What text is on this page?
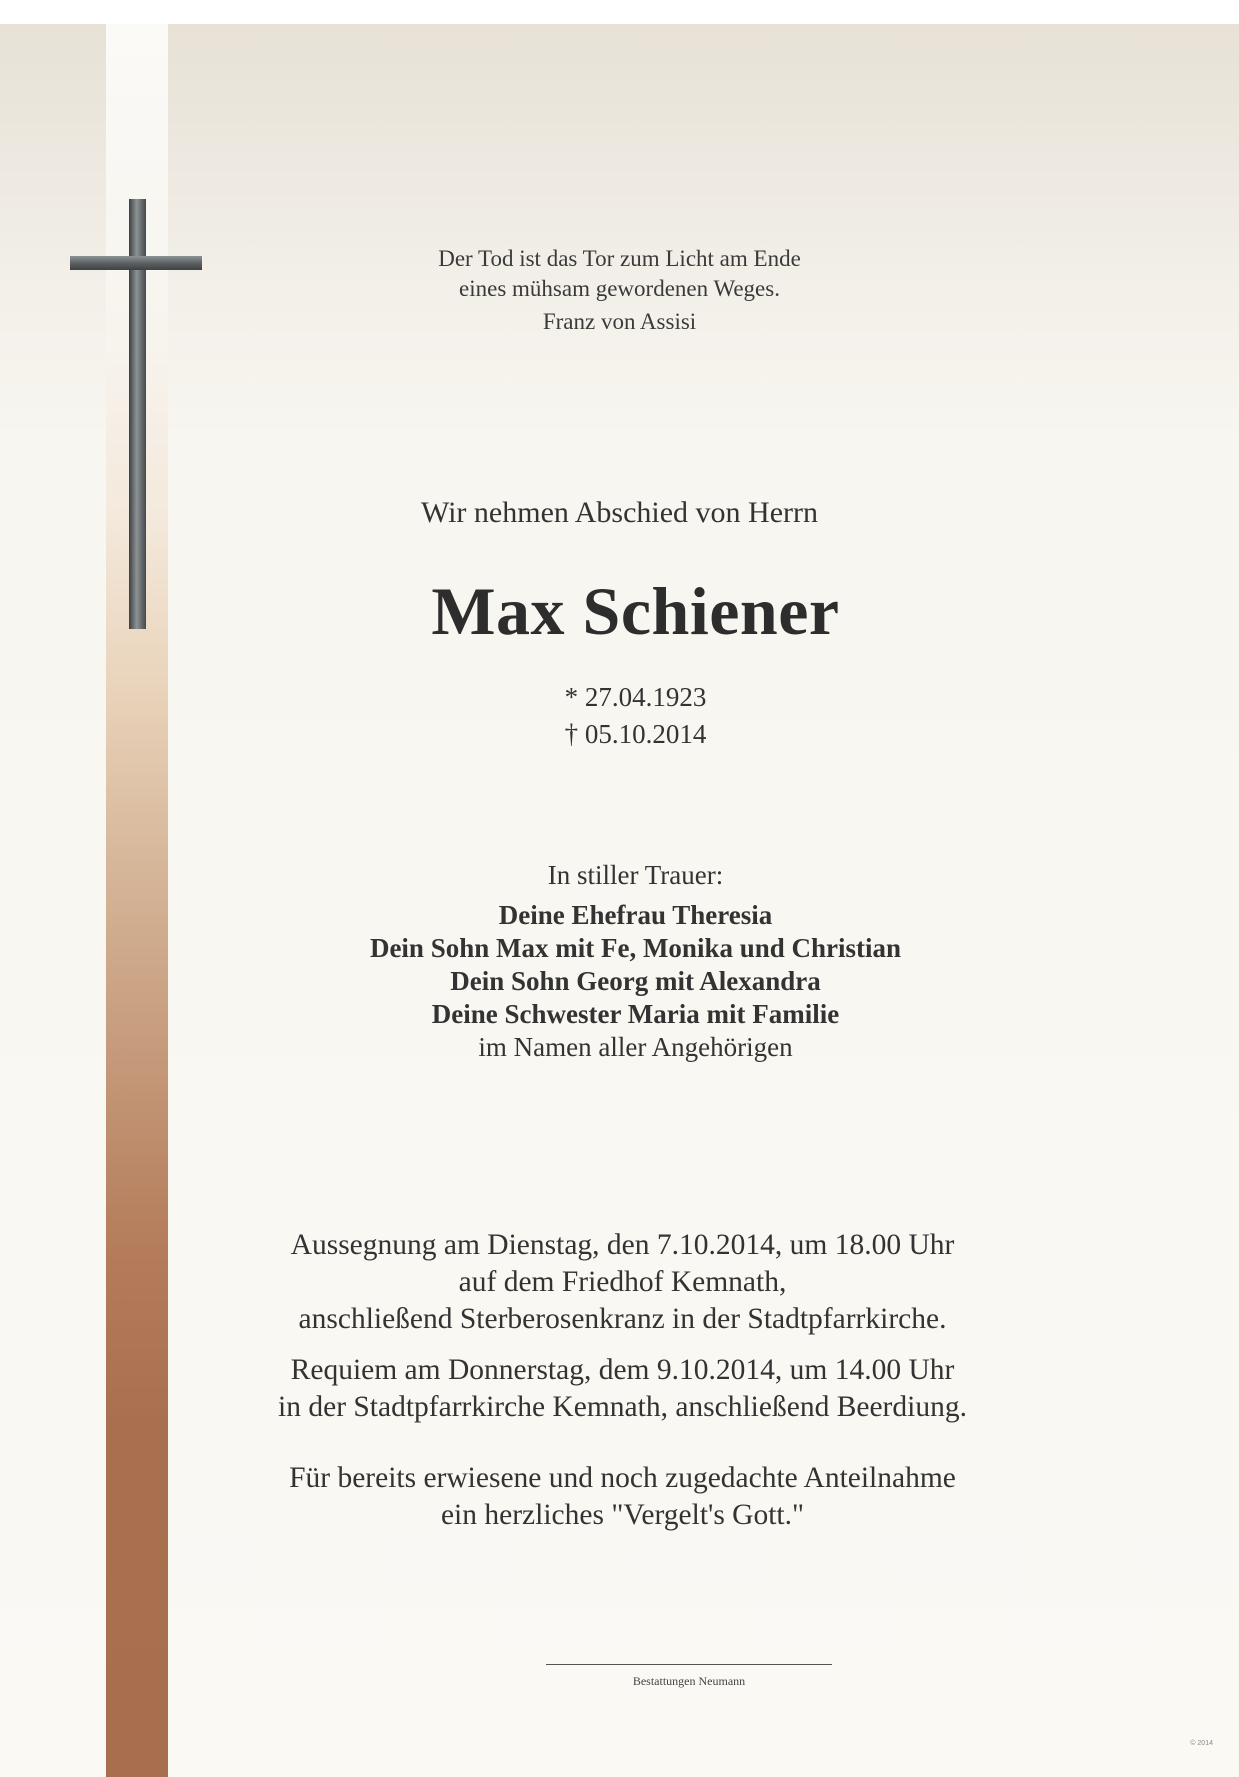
Der Tod ist das Tor zum Licht am Ende
eines mühsam gewordenen Weges.
Franz von Assisi
Wir nehmen Abschied von Herrn
Max Schiener
* 27.04.1923
† 05.10.2014
In stiller Trauer:
Deine Ehefrau Theresia
Dein Sohn Max mit Fe, Monika und Christian
Dein Sohn Georg mit Alexandra
Deine Schwester Maria mit Familie
im Namen aller Angehörigen
Aussegnung am Dienstag, den 7.10.2014, um 18.00 Uhr
auf dem Friedhof Kemnath,
anschließend Sterberosenkranz in der Stadtpfarrkirche.
Requiem am Donnerstag, dem 9.10.2014, um 14.00 Uhr
in der Stadtpfarrkirche Kemnath, anschließend Beerdiung.
Für bereits erwiesene und noch zugedachte Anteilnahme
ein herzliches "Vergelt's Gott."
Bestattungen Neumann
© 2014
